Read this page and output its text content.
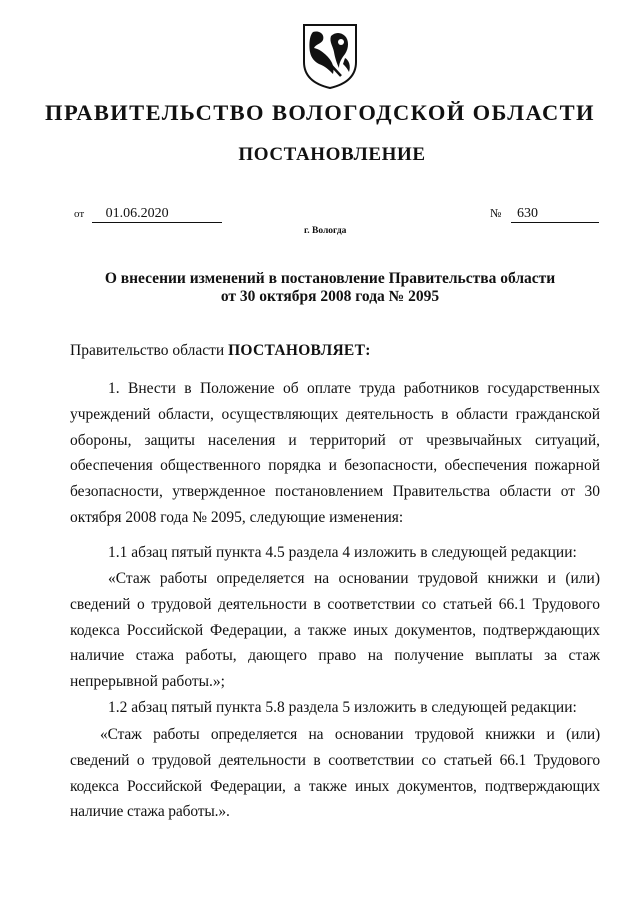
ПРАВИТЕЛЬСТВО ВОЛОГОДСКОЙ ОБЛАСТИ
ПОСТАНОВЛЕНИЕ
от 01.06.2020	№ 630
г. Вологда
О внесении изменений в постановление Правительства области
от 30 октября 2008 года № 2095
Правительство области ПОСТАНОВЛЯЕТ:

1. Внести в Положение об оплате труда работников государственных учреждений области, осуществляющих деятельность в области гражданской обороны, защиты населения и территорий от чрезвычайных ситуаций, обеспечения общественного порядка и безопасности, обеспечения пожарной безопасности, утвержденное постановлением Правительства области от 30 октября 2008 года № 2095, следующие изменения:

1.1 абзац пятый пункта 4.5 раздела 4 изложить в следующей редакции:

«Стаж работы определяется на основании трудовой книжки и (или) сведений о трудовой деятельности в соответствии со статьей 66.1 Трудового кодекса Российской Федерации, а также иных документов, подтверждающих наличие стажа работы, дающего право на получение выплаты за стаж непрерывной работы.»;

1.2 абзац пятый пункта 5.8 раздела 5 изложить в следующей редакции:

«Стаж работы определяется на основании трудовой книжки и (или) сведений о трудовой деятельности в соответствии со статьей 66.1 Трудового кодекса Российской Федерации, а также иных документов, подтверждающих наличие стажа работы.».
